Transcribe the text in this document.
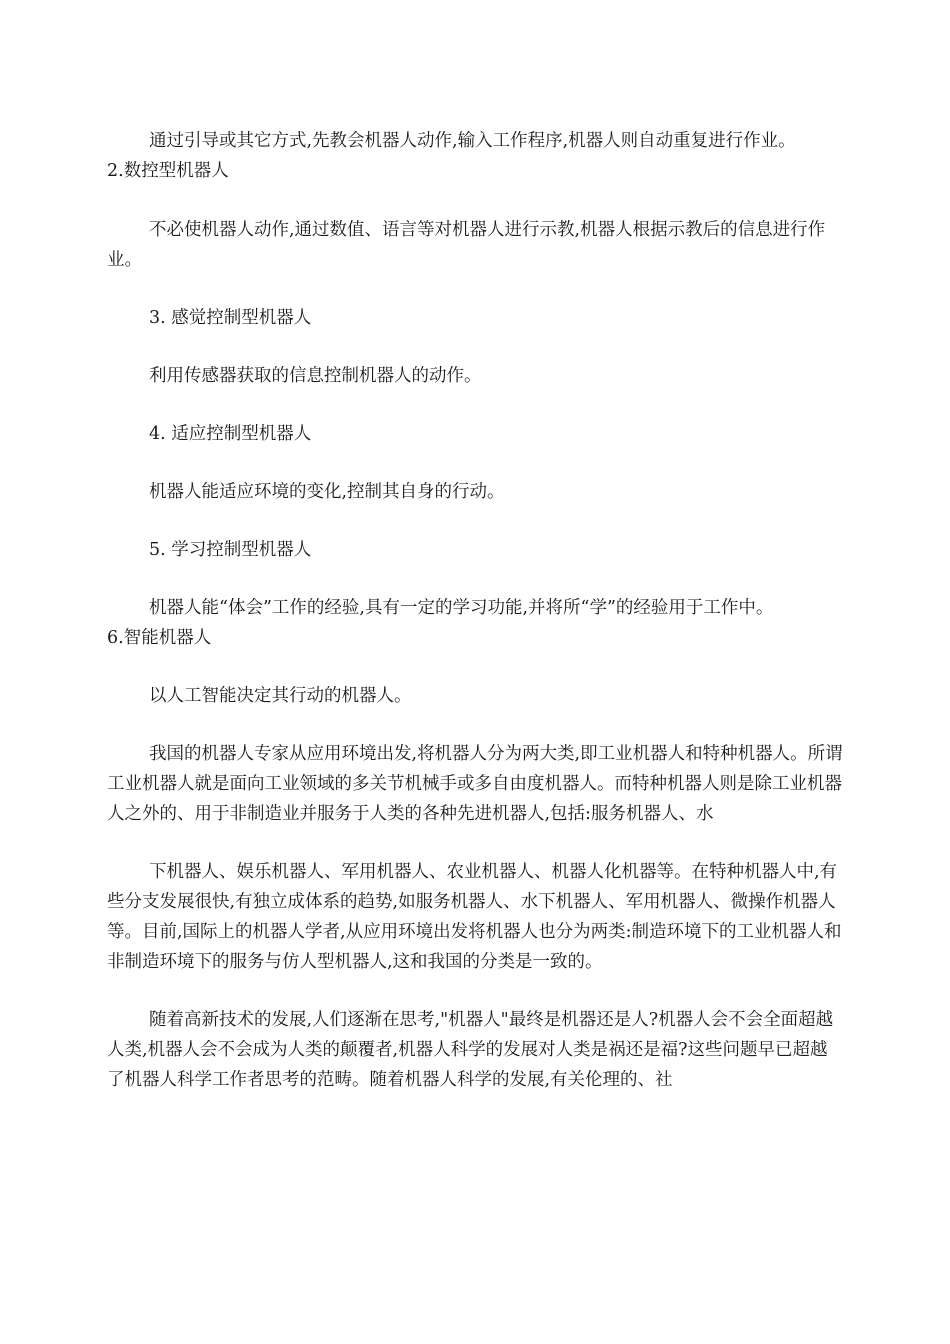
通过引导或其它方式,先教会机器人动作,输入工作程序,机器人则自动重复进行作业。
2.数控型机器人

不必使机器人动作,通过数值、语言等对机器人进行示教,机器人根据示教后的信息进行作业。

3. 感觉控制型机器人

利用传感器获取的信息控制机器人的动作。

4. 适应控制型机器人

机器人能适应环境的变化,控制其自身的行动。

5. 学习控制型机器人

机器人能“体会”工作的经验,具有一定的学习功能,并将所“学”的经验用于工作中。
6.智能机器人

以人工智能决定其行动的机器人。

我国的机器人专家从应用环境出发,将机器人分为两大类,即工业机器人和特种机器人。所谓工业机器人就是面向工业领域的多关节机械手或多自由度机器人。而特种机器人则是除工业机器人之外的、用于非制造业并服务于人类的各种先进机器人,包括:服务机器人、水

下机器人、娱乐机器人、军用机器人、农业机器人、机器人化机器等。在特种机器人中,有些分支发展很快,有独立成体系的趋势,如服务机器人、水下机器人、军用机器人、微操作机器人等。目前,国际上的机器人学者,从应用环境出发将机器人也分为两类:制造环境下的工业机器人和非制造环境下的服务与仿人型机器人,这和我国的分类是一致的。

随着高新技术的发展,人们逐渐在思考,"机器人"最终是机器还是人?机器人会不会全面超越人类,机器人会不会成为人类的颠覆者,机器人科学的发展对人类是祸还是福?这些问题早已超越了机器人科学工作者思考的范畴。随着机器人科学的发展,有关伦理的、社
